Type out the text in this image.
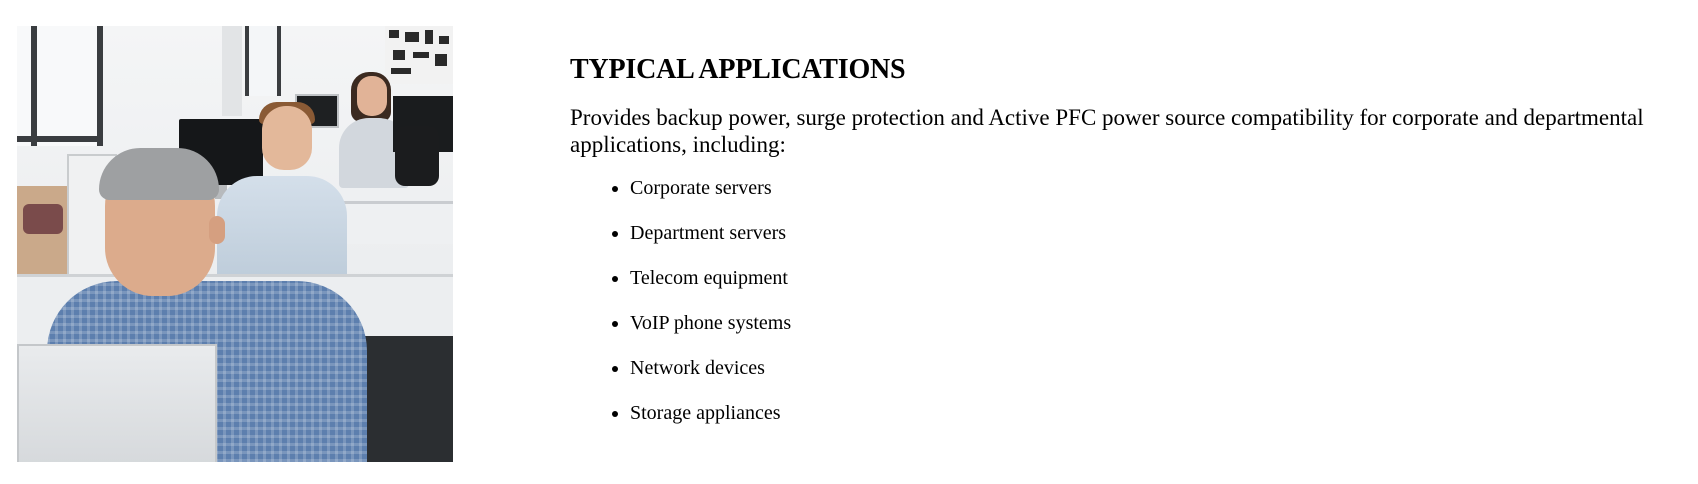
TYPICAL APPLICATIONS

Provides backup power, surge protection and Active PFC power source compatibility for corporate and departmental applications, including:

• Corporate servers
• Department servers
• Telecom equipment
• VoIP phone systems
• Network devices
• Storage appliances
